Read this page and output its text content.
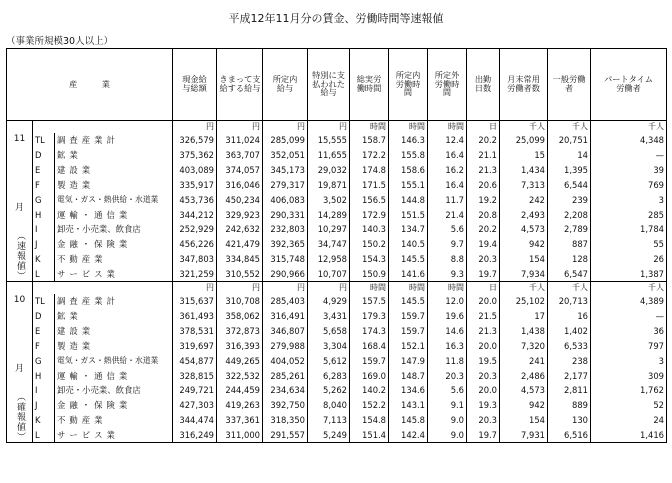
平成12年11月分の賃金、労働時間等速報値
（事業所規模30人以上）
産　　　業			現金給与総額	きまって支給する給与	所定内給与	特別に支払われた給与	総実労働時間	所定内労働時間	所定外労働時間	出勤日数	月末常用労働者数	一般労働者	パートタイム労働者

11
月
（速報値）			円	円	円	円	時間	時間	時間	日	千人	千人	千人
	TL	調査産業計	326,579	311,024	285,099	15,555	158.7	146.3	12.4	20.2	25,099	20,751	4,348
	D	鉱業	375,362	363,707	352,051	11,655	172.2	155.8	16.4	21.1	15	14	—
	E	建設業	403,089	374,057	345,173	29,032	174.8	158.6	16.2	21.3	1,434	1,395	39
	F	製造業	335,917	316,046	279,317	19,871	171.5	155.1	16.4	20.6	7,313	6,544	769
	G	電気・ガス・熱供給・水道業	453,736	450,234	406,083	3,502	156.5	144.8	11.7	19.2	242	239	3
	H	運輸・通信業	344,212	329,923	290,331	14,289	172.9	151.5	21.4	20.8	2,493	2,208	285
	I	卸売・小売業、飲食店	252,929	242,632	232,803	10,297	140.3	134.7	5.6	20.2	4,573	2,789	1,784
	J	金融・保険業	456,226	421,479	392,365	34,747	150.2	140.5	9.7	19.4	942	887	55
	K	不動産業	347,803	334,845	315,748	12,958	154.3	145.5	8.8	20.3	154	128	26
	L	サービス業	321,259	310,552	290,966	10,707	150.9	141.6	9.3	19.7	7,934	6,547	1,387

10
月
（確報値）			円	円	円	円	時間	時間	時間	日	千人	千人	千人
	TL	調査産業計	315,637	310,708	285,403	4,929	157.5	145.5	12.0	20.0	25,102	20,713	4,389
	D	鉱業	361,493	358,062	316,491	3,431	179.3	159.7	19.6	21.5	17	16	—
	E	建設業	378,531	372,873	346,807	5,658	174.3	159.7	14.6	21.3	1,438	1,402	36
	F	製造業	319,697	316,393	279,988	3,304	168.4	152.1	16.3	20.0	7,320	6,533	797
	G	電気・ガス・熱供給・水道業	454,877	449,265	404,052	5,612	159.7	147.9	11.8	19.5	241	238	3
	H	運輸・通信業	328,815	322,532	285,261	6,283	169.0	148.7	20.3	20.3	2,486	2,177	309
	I	卸売・小売業、飲食店	249,721	244,459	234,634	5,262	140.2	134.6	5.6	20.0	4,573	2,811	1,762
	J	金融・保険業	427,303	419,263	392,750	8,040	152.2	143.1	9.1	19.3	942	889	52
	K	不動産業	344,474	337,361	318,350	7,113	154.8	145.8	9.0	20.3	154	130	24
	L	サービス業	316,249	311,000	291,557	5,249	151.4	142.4	9.0	19.7	7,931	6,516	1,416
